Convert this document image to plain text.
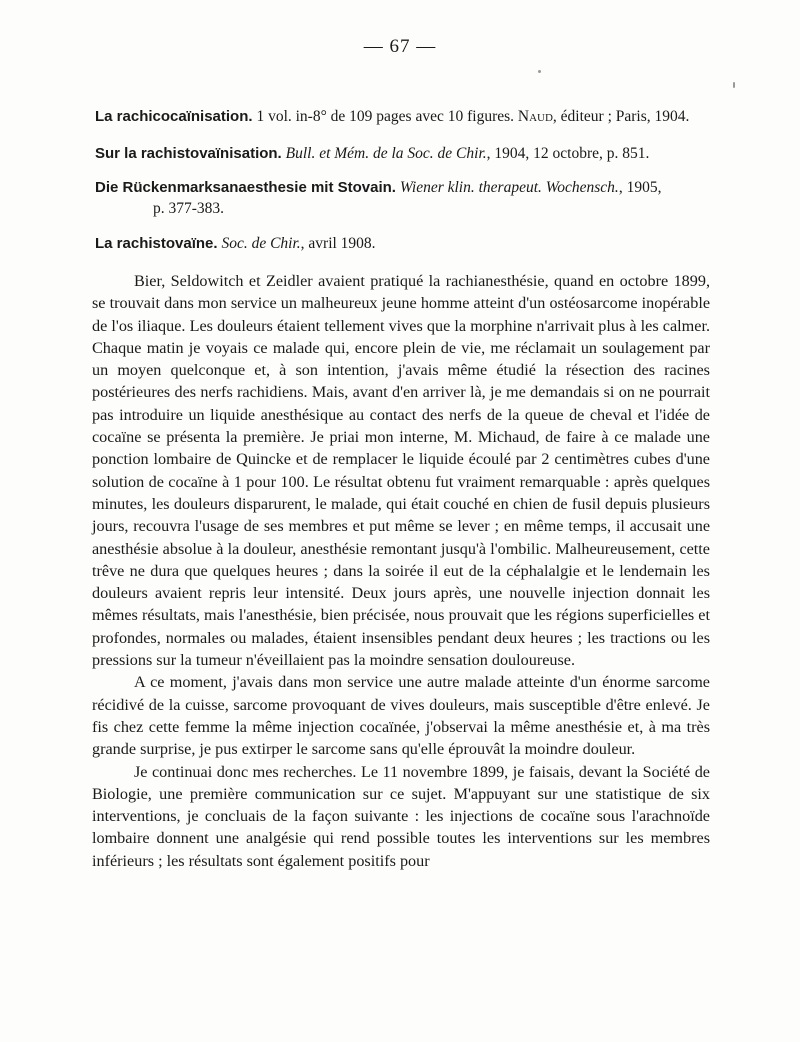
— 67 —
La rachicocaïnisation. 1 vol. in-8° de 109 pages avec 10 figures. Naud, éditeur ; Paris, 1904.
Sur la rachistovaïnisation. Bull. et Mém. de la Soc. de Chir., 1904, 12 octobre, p. 851.
Die Rückenmarksanaesthesie mit Stovain. Wiener klin. therapeut. Wochensch., 1905,
p. 377-383.
La rachistovaïne. Soc. de Chir., avril 1908.

Bier, Seldowitch et Zeidler avaient pratiqué la rachianesthésie, quand en octobre 1899, se trouvait dans mon service un malheureux jeune homme atteint d'un ostéosarcome inopérable de l'os iliaque. Les douleurs étaient tellement vives que la morphine n'arrivait plus à les calmer. Chaque matin je voyais ce malade qui, encore plein de vie, me réclamait un soulagement par un moyen quelconque et, à son intention, j'avais même étudié la résection des racines postérieures des nerfs rachidiens. Mais, avant d'en arriver là, je me demandais si on ne pourrait pas introduire un liquide anesthésique au contact des nerfs de la queue de cheval et l'idée de cocaïne se présenta la première. Je priai mon interne, M. Michaud, de faire à ce malade une ponction lombaire de Quincke et de remplacer le liquide écoulé par 2 centimètres cubes d'une solution de cocaïne à 1 pour 100. Le résultat obtenu fut vraiment remarquable : après quelques minutes, les douleurs disparurent, le malade, qui était couché en chien de fusil depuis plusieurs jours, recouvra l'usage de ses membres et put même se lever ; en même temps, il accusait une anesthésie absolue à la douleur, anesthésie remontant jusqu'à l'ombilic. Malheureusement, cette trêve ne dura que quelques heures ; dans la soirée il eut de la céphalalgie et le lendemain les douleurs avaient repris leur intensité. Deux jours après, une nouvelle injection donnait les mêmes résultats, mais l'anesthésie, bien précisée, nous prouvait que les régions superficielles et profondes, normales ou malades, étaient insensibles pendant deux heures ; les tractions ou les pressions sur la tumeur n'éveillaient pas la moindre sensation douloureuse.

A ce moment, j'avais dans mon service une autre malade atteinte d'un énorme sarcome récidivé de la cuisse, sarcome provoquant de vives douleurs, mais susceptible d'être enlevé. Je fis chez cette femme la même injection cocaïnée, j'observai la même anesthésie et, à ma très grande surprise, je pus extirper le sarcome sans qu'elle éprouvât la moindre douleur.

Je continuai donc mes recherches. Le 11 novembre 1899, je faisais, devant la Société de Biologie, une première communication sur ce sujet. M'appuyant sur une statistique de six interventions, je concluais de la façon suivante : les injections de cocaïne sous l'arachnoïde lombaire donnent une analgésie qui rend possible toutes les interventions sur les membres inférieurs ; les résultats sont également positifs pour
